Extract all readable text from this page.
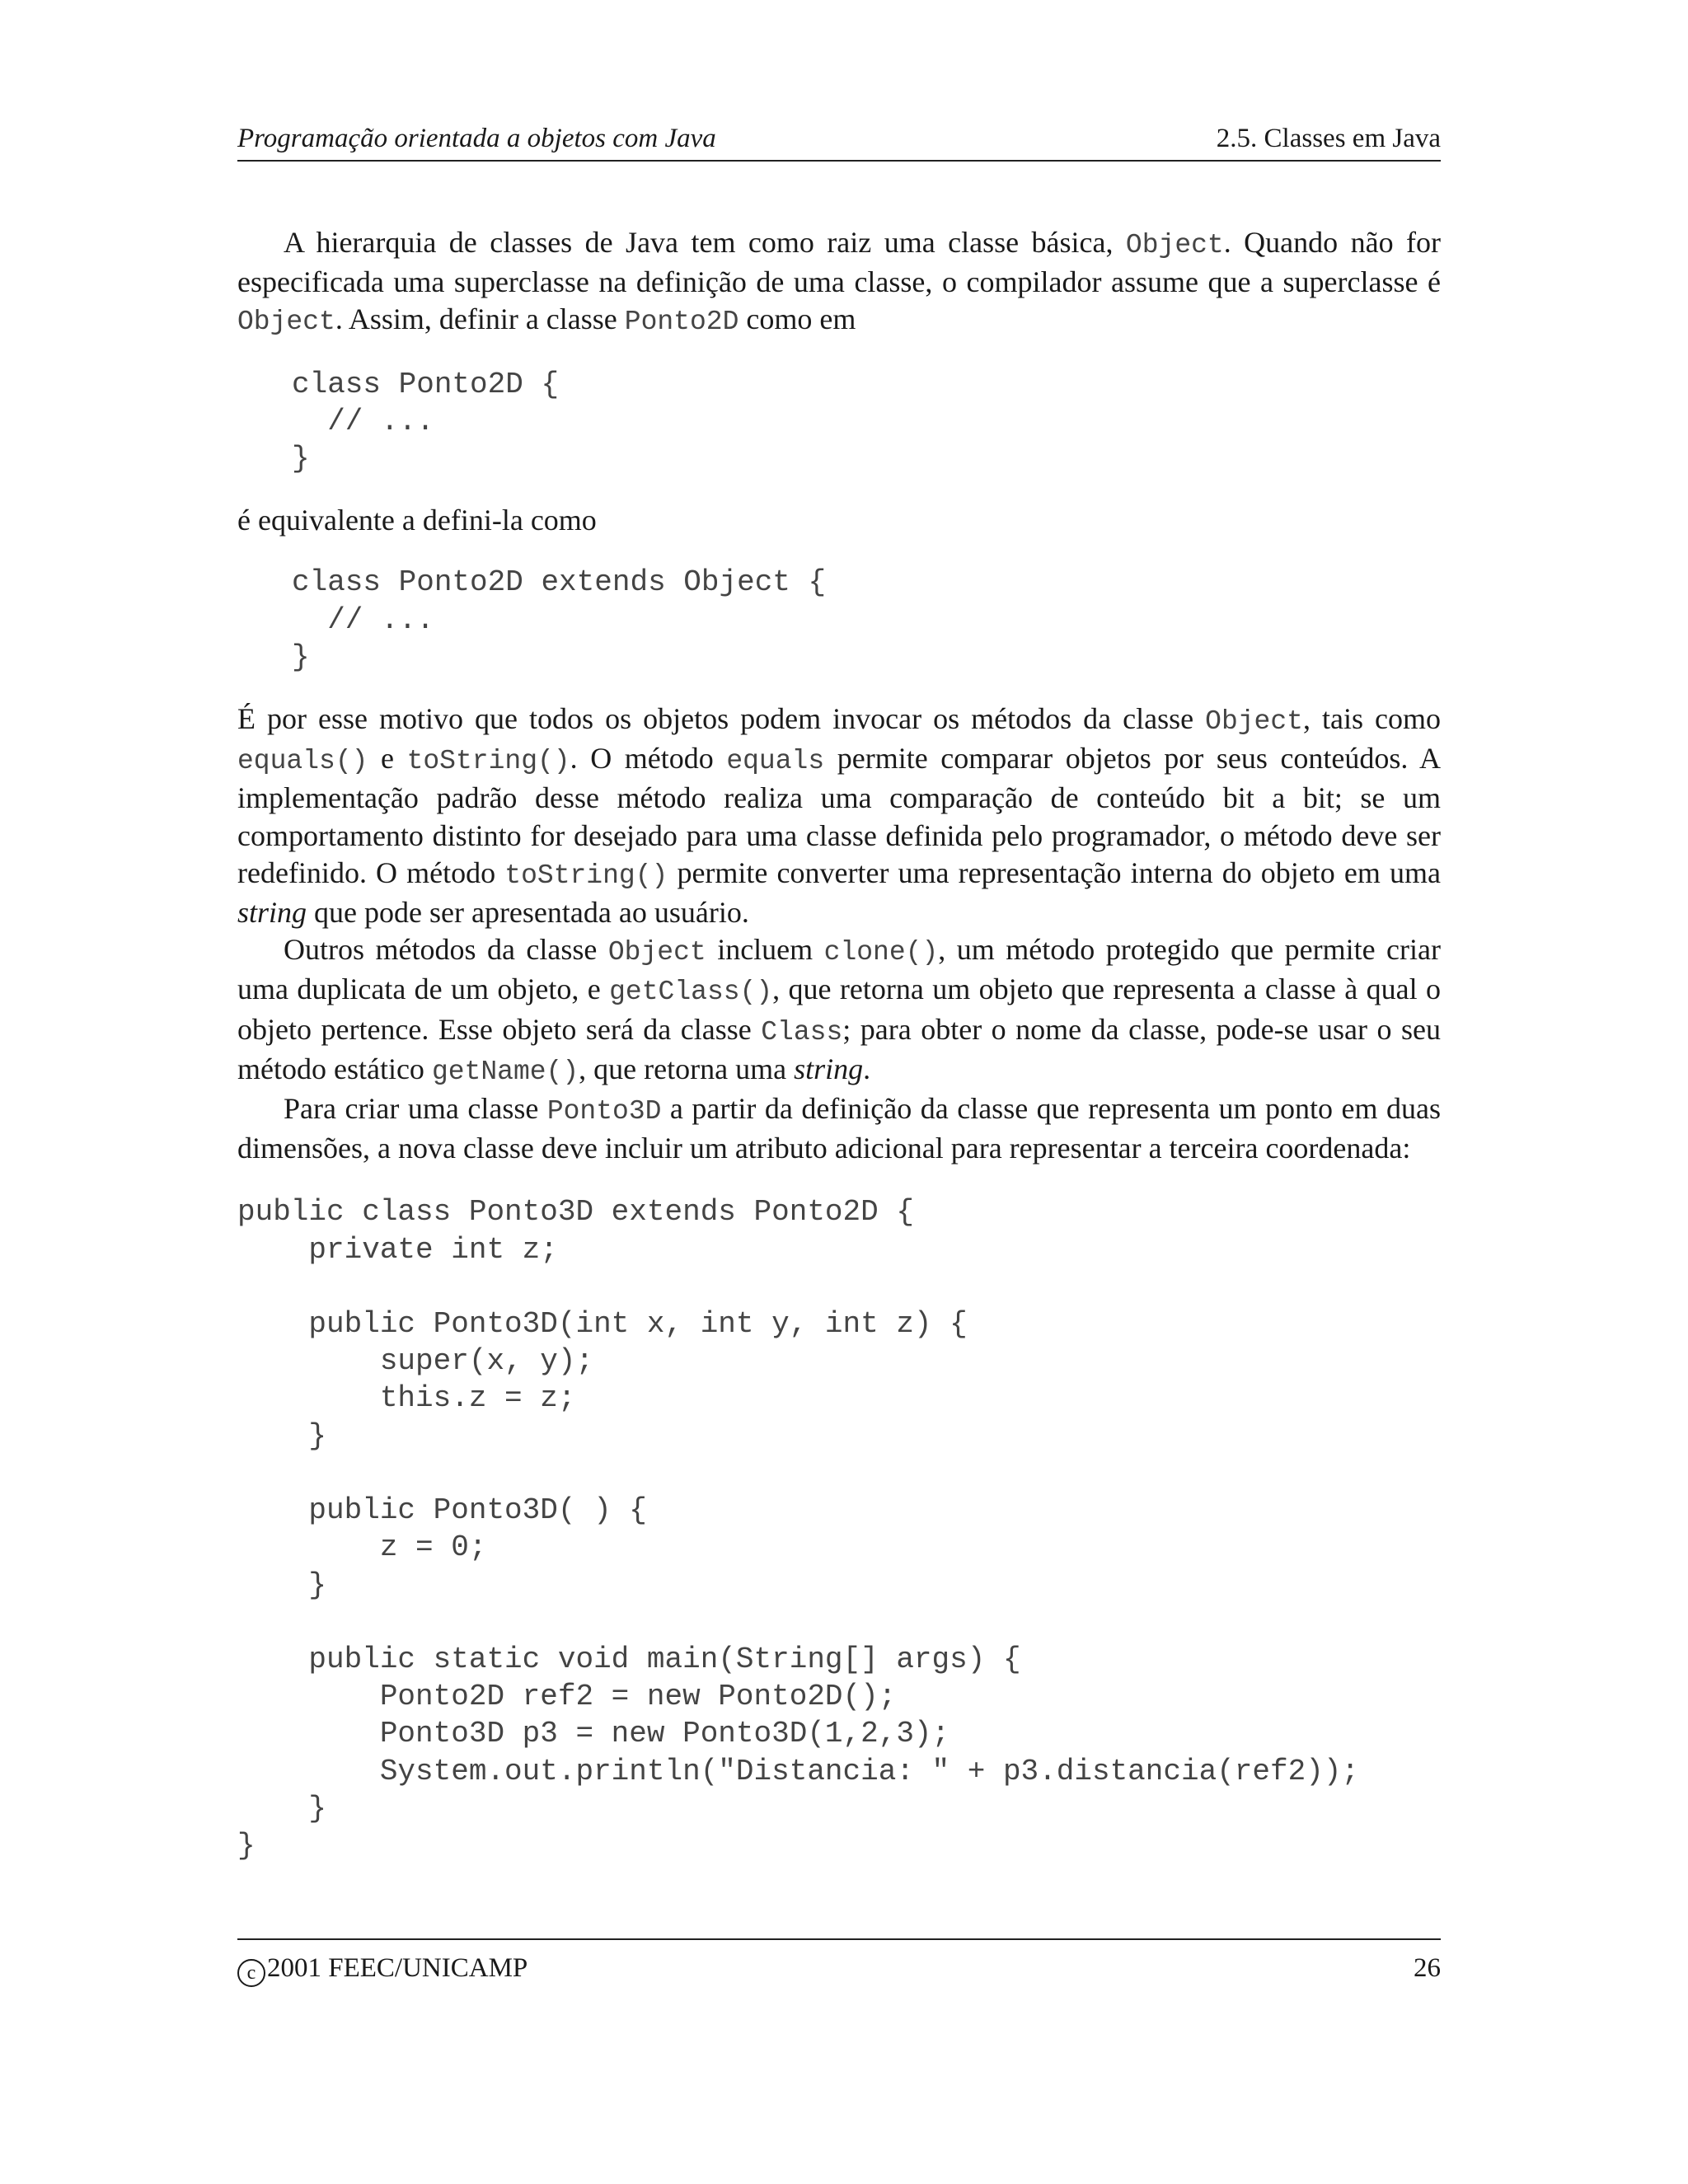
Programação orientada a objetos com Java	2.5. Classes em Java

A hierarquia de classes de Java tem como raiz uma classe básica, Object. Quando não for especificada uma superclasse na definição de uma classe, o compilador assume que a superclasse é Object. Assim, definir a classe Ponto2D como em

class Ponto2D {
// ...
}

é equivalente a defini-la como

class Ponto2D extends Object {
// ...
}

É por esse motivo que todos os objetos podem invocar os métodos da classe Object, tais como equals() e toString(). O método equals permite comparar objetos por seus conteúdos. A implementação padrão desse método realiza uma comparação de conteúdo bit a bit; se um comportamento distinto for desejado para uma classe definida pelo programador, o método deve ser redefinido. O método toString() permite converter uma representação interna do objeto em uma string que pode ser apresentada ao usuário.

Outros métodos da classe Object incluem clone(), um método protegido que permite criar uma duplicata de um objeto, e getClass(), que retorna um objeto que representa a classe à qual o objeto pertence. Esse objeto será da classe Class; para obter o nome da classe, pode-se usar o seu método estático getName(), que retorna uma string.

Para criar uma classe Ponto3D a partir da definição da classe que representa um ponto em duas dimensões, a nova classe deve incluir um atributo adicional para representar a terceira coordenada:

public class Ponto3D extends Ponto2D {
private int z;

public Ponto3D(int x, int y, int z) {
super(x, y);
this.z = z;
}

public Ponto3D( ) {
z = 0;
}

public static void main(String[] args) {
Ponto2D ref2 = new Ponto2D();
Ponto3D p3 = new Ponto3D(1,2,3);
System.out.println("Distancia: " + p3.distancia(ref2));
}
}
c 2001 FEEC/UNICAMP	26
